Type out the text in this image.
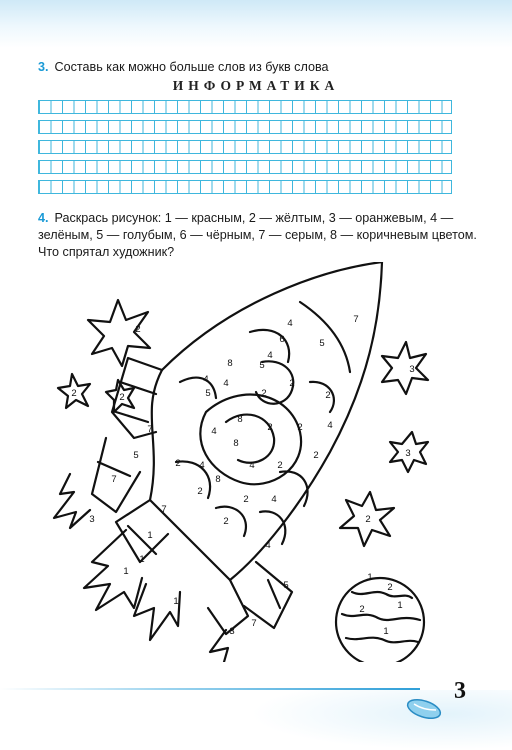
3. Составь как можно больше слов из букв слова
ИНФОРМАТИКА
4. Раскрась рисунок: 1 — красным, 2 — жёлтым, 3 — оранжевым, 4 — зелёным, 5 — голубым, 6 — чёрным, 7 — серым, 8 — коричневым цветом. Что спрятал художник?
7
5
4
6
4
8	5
4 4
2
2
2
8
4	2	2	4
2
8
8
4
2
2
4 2
4
2
2
5
4
7
5
7
3
1
7
5
3
7
2
2
3
3
2
2
1
1
1
1
2
1
2
1
3
